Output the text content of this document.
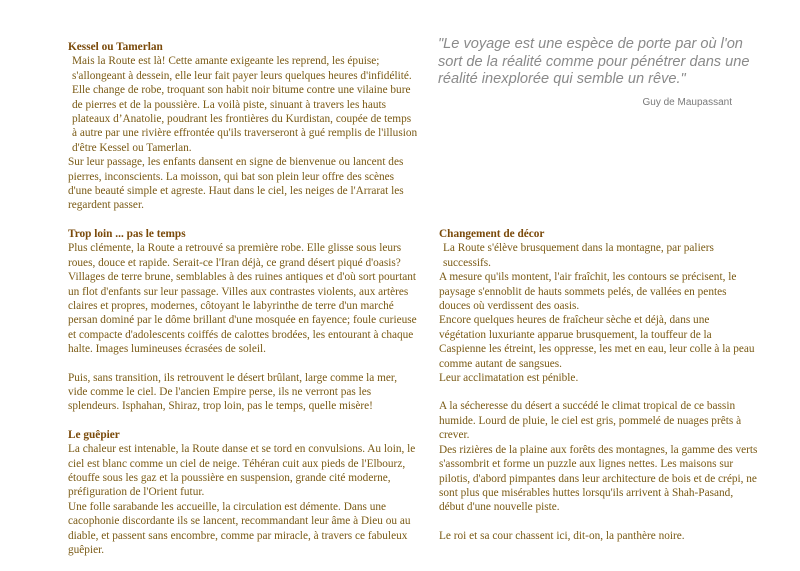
"Le voyage est une espèce de porte par où l'on sort de la réalité comme pour pénétrer dans une réalité inexplorée qui semble un rêve."
Guy de Maupassant
Kessel ou Tamerlan

Mais la Route est là! Cette amante exigeante les reprend, les épuise; s'allongeant à dessein, elle leur fait payer leurs quelques heures d'infidélité. Elle change de robe, troquant son habit noir bitume contre une vilaine bure de pierres et de la poussière. La voilà piste, sinuant à travers les hauts plateaux d’Anatolie, poudrant les frontières du Kurdistan, coupée de temps à autre par une rivière effrontée qu'ils traverseront à gué remplis de l'illusion d'être Kessel ou Tamerlan.

Sur leur passage, les enfants dansent en signe de bienvenue ou lancent des pierres, inconscients. La moisson, qui bat son plein leur offre des scènes d'une beauté simple et agreste. Haut dans le ciel, les neiges de l'Arrarat les regardent passer.

Trop loin ... pas le temps

Plus clémente, la Route a retrouvé sa première robe. Elle glisse sous leurs roues, douce et rapide. Serait-ce l'Iran déjà, ce grand désert piqué d'oasis? Villages de terre brune, semblables à des ruines antiques et d'où sort pourtant un flot d'enfants sur leur passage. Villes aux contrastes violents, aux artères claires et propres, modernes, côtoyant le labyrinthe de terre d'un marché persan dominé par le dôme brillant d'une mosquée en fayence; foule curieuse et compacte d'adolescents coiffés de calottes brodées, les entourant à chaque halte. Images lumineuses écrasées de soleil.

Puis, sans transition, ils retrouvent le désert brûlant, large comme la mer, vide comme le ciel. De l'ancien Empire perse, ils ne verront pas les splendeurs. Isphahan, Shiraz, trop loin, pas le temps, quelle misère!

Le guêpier

La chaleur est intenable, la Route danse et se tord en convulsions. Au loin, le ciel est blanc comme un ciel de neige. Téhéran cuit aux pieds de l'Elbourz, étouffe sous les gaz et la poussière en suspension, grande cité moderne, préfiguration de l'Orient futur.

Une folle sarabande les accueille, la circulation est démente. Dans une cacophonie discordante ils se lancent, recommandant leur âme à Dieu ou au diable, et passent sans encombre, comme par miracle, à travers ce fabuleux guêpier.

Changement de décor

La Route s'élève brusquement dans la montagne, par paliers successifs.

A mesure qu'ils montent, l'air fraîchit, les contours se précisent, le paysage s'ennoblit de hauts sommets pelés, de vallées en pentes douces où verdissent des oasis.

Encore quelques heures de fraîcheur sèche et déjà, dans une végétation luxuriante apparue brusquement, la touffeur de la Caspienne les étreint, les oppresse, les met en eau, leur colle à la peau comme autant de sangsues.

Leur acclimatation est pénible.

A la sécheresse du désert a succédé le climat tropical de ce bassin humide. Lourd de pluie, le ciel est gris, pommelé de nuages prêts à crever.

Des rizières de la plaine aux forêts des montagnes, la gamme des verts s'assombrit et forme un puzzle aux lignes nettes. Les maisons sur pilotis, d'abord pimpantes dans leur architecture de bois et de crépi, ne sont plus que misérables huttes lorsqu'ils arrivent à Shah-Pasand, début d'une nouvelle piste.

Le roi et sa cour chassent ici, dit-on, la panthère noire.
